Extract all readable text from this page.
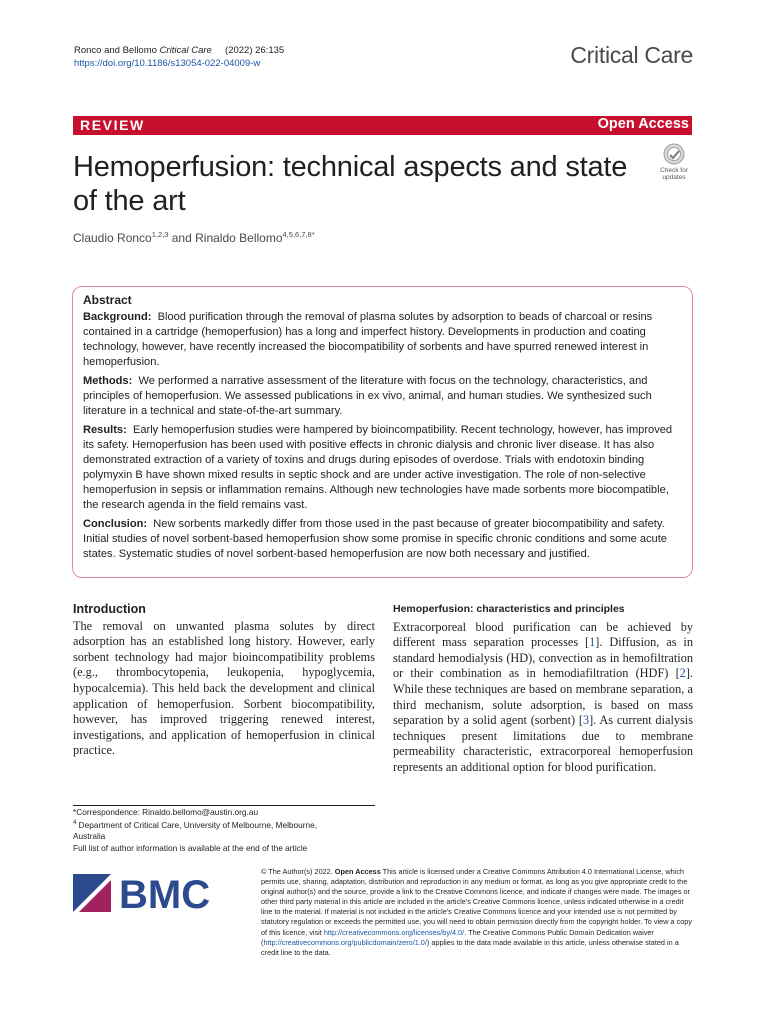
Ronco and Bellomo Critical Care (2022) 26:135
https://doi.org/10.1186/s13054-022-04009-w	Critical Care
REVIEW	Open Access
Hemoperfusion: technical aspects and state of the art
Check for
updates
Claudio Ronco$^{1,2,3}$ and Rinaldo Bellomo$^{4,5,6,7,8*}$
Abstract

Background: Blood purification through the removal of plasma solutes by adsorption to beads of charcoal or resins contained in a cartridge (hemoperfusion) has a long and imperfect history. Developments in production and coating technology, however, have recently increased the biocompatibility of sorbents and have spurred renewed interest in hemoperfusion.

Methods: We performed a narrative assessment of the literature with focus on the technology, characteristics, and principles of hemoperfusion. We assessed publications in ex vivo, animal, and human studies. We synthesized such literature in a technical and state-of-the-art summary.

Results: Early hemoperfusion studies were hampered by bioincompatibility. Recent technology, however, has improved its safety. Hemoperfusion has been used with positive effects in chronic dialysis and chronic liver disease. It has also demonstrated extraction of a variety of toxins and drugs during episodes of overdose. Trials with endotoxin binding polymyxin B have shown mixed results in septic shock and are under active investigation. The role of non-selective hemoperfusion in sepsis or inflammation remains. Although new technologies have made sorbents more biocompatible, the research agenda in the field remains vast.

Conclusion: New sorbents markedly differ from those used in the past because of greater biocompatibility and safety. Initial studies of novel sorbent-based hemoperfusion show some promise in specific chronic conditions and some acute states. Systematic studies of novel sorbent-based hemoperfusion are now both necessary and justified.

Introduction

The removal on unwanted plasma solutes by direct adsorption has an established long history. However, early sorbent technology had major bioincompatibility problems (e.g., thrombocytopenia, leukopenia, hypoglycemia, hypocalcemia). This held back the development and clinical application of hemoperfusion. Sorbent biocompatibility, however, has improved triggering renewed interest, investigations, and application of hemoperfusion in clinical practice.

Hemoperfusion: characteristics and principles

Extracorporeal blood purification can be achieved by different mass separation processes [1]. Diffusion, as in standard hemodialysis (HD), convection as in hemofiltration or their combination as in hemodiafiltration (HDF) [2]. While these techniques are based on membrane separation, a third mechanism, solute adsorption, is based on mass separation by a solid agent (sorbent) [3]. As current dialysis techniques present limitations due to membrane permeability characteristic, extracorporeal hemoperfusion represents an additional option for blood purification.

*Correspondence: Rinaldo.bellomo@austin.org.au

$^4$ Department of Critical Care, University of Melbourne, Melbourne,
Australia

Full list of author information is available at the end of the article

BMC
© The Author(s) 2022. Open Access This article is licensed under a Creative Commons Attribution 4.0 International License, which permits use, sharing, adaptation, distribution and reproduction in any medium or format, as long as you give appropriate credit to the original author(s) and the source, provide a link to the Creative Commons licence, and indicate if changes were made. The images or other third party material in this article are included in the article's Creative Commons licence, unless indicated otherwise in a credit line to the material. If material is not included in the article's Creative Commons licence and your intended use is not permitted by statutory regulation or exceeds the permitted use, you will need to obtain permission directly from the copyright holder. To view a copy of this licence, visit http://creativecommons.org/licenses/by/4.0/. The Creative Commons Public Domain Dedication waiver (http://creativecommons.org/publicdomain/zero/1.0/) applies to the data made available in this article, unless otherwise stated in a credit line to the data.
